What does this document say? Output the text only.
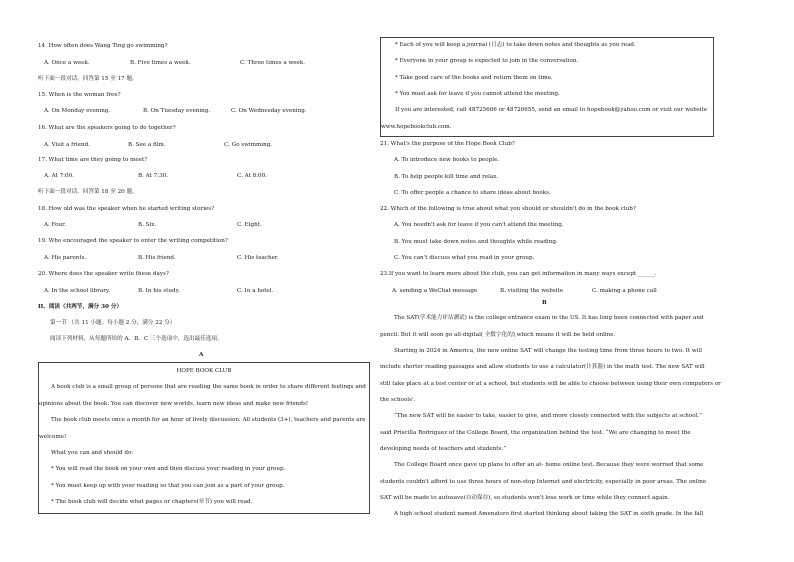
14. How often does Wang Ting go swimming?
A. Once a week.	B. Five times a week.	C. Three times a week.
听下面一段对话，回答第 15 至 17 题。
15. When is the woman free?
A. On Monday evening.	B. On Tuesday evening.	C. On Wednesday evening.
16. What are the speakers going to do together?
A. Visit a friend.	B. See a film.	C. Go swimming.
17. What time are they going to meet?
A. At 7:00.	B. At 7:30.	C. At 8:00.
听下面一段对话，回答第 18 至 20 题。
18. How old was the speaker when he started writing stories?
A. Four.	B. Six.	C. Eight.
19. Who encouraged the speaker to enter the writing competition?
A. His parents.	B. His friend.	C. His teacher.
20. Where does the speaker write these days?
A. In the school library.	B. In his study.	C. In a hotel.
II、阅读（共两节，满分 30 分）
第一节 （共 11 小题；每小题 2 分，满分 22 分）
阅读下列材料，从每题所给的 A、B、C 三个选项中，选出最佳选项。
A
HOPE BOOK CLUB
A book club is a small group of persons that are reading the same book in order to share different feelings and
opinions about the book. You can discover new worlds, learn new ideas and make new friends!
The book club meets once a month for an hour of lively discussion. All students (3+), teachers and parents are
welcome!
What you can and should do:
* You will read the book on your own and then discuss your reading in your group.
* You must keep up with your reading so that you can join as a part of your group.
* The book club will decide what pages or chapters(章节) you will read.
* Each of you will keep a journal (日志) to take down notes and thoughts as you read.
* Everyone in your group is expected to join in the conversation.
* Take good care of the books and return them on time.
* You must ask for leave if you cannot attend the meeting.
If you are interested, call 48725666 or 48726655, send an email to hopebook@yahoo.com or visit our website
www.hopebookclub.com.
21. What's the purpose of the Hope Book Club?
A. To introduce new books to people.
B. To help people kill time and relax.
C. To offer people a chance to share ideas about books.
22. Which of the following is true about what you should or shouldn't do in the book club?
A. You needn't ask for leave if you can't attend the meeting.
B. You must take down notes and thoughts while reading.
C. You can't discuss what you read in your group.
23.If you want to learn more about the club, you can get information in many ways except ______.
A. sending a WeChat message	B. visiting the website	C. making a phone call
B
The SAT(学术能力评估测试) is the college entrance exam in the US. It has long been connected with paper and
pencil. But it will soon go all-digital( 全数字化的),which means it will be held online.
Starting in 2024 in America, the new online SAT will change the testing time from three hours to two. It will
include shorter reading passages and allow students to use a calculator(计算器) in the math test. The new SAT will
still take place at a test center or at a school, but students will be able to choose between using their own computers or
the schools'.
“The new SAT will be easier to take, easier to give, and more closely connected with the subjects at school.”
said Priscilla Rodriguez of the College Board, the organization behind the test. “We are changing to meet the
developing needs of teachers and students.”
The College Board once gave up plans to offer an at- home online test. Because they were worried that some
students couldn't afford to use three hours of non-stop Internet and electricity, especially in poor areas. The online
SAT will be made to autosave(自动保存), so students won't lose work or time while they connect again.
A high school student named Amenatsro first started thinking about taking the SAT in sixth grade. In the fall
